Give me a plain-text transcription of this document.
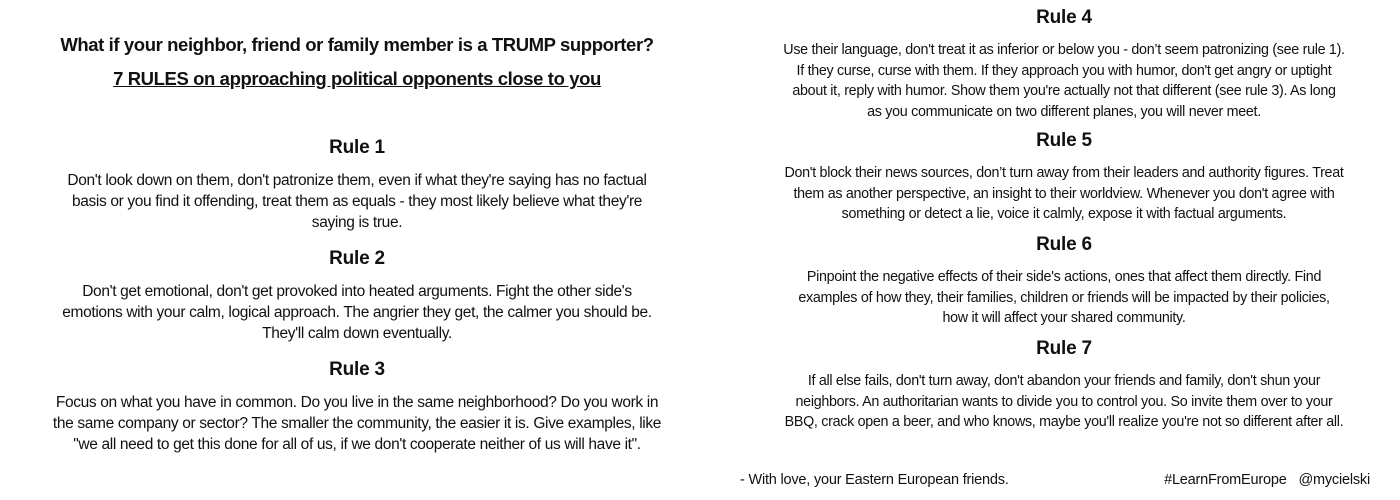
What if your neighbor, friend or family member is a TRUMP supporter?
7 RULES on approaching political opponents close to you
Rule 1

Don't look down on them, don't patronize them, even if what they're saying has no factual

basis or you find it offending, treat them as equals - they most likely believe what they're

saying is true.

Rule 2

Don't get emotional, don't get provoked into heated arguments. Fight the other side's

emotions with your calm, logical approach. The angrier they get, the calmer you should be.

They'll calm down eventually.

Rule 3

Focus on what you have in common. Do you live in the same neighborhood? Do you work in

the same company or sector? The smaller the community, the easier it is. Give examples, like

"we all need to get this done for all of us, if we don't cooperate neither of us will have it".

Rule 4

Use their language, don't treat it as inferior or below you - don’t seem patronizing (see rule 1).

If they curse, curse with them. If they approach you with humor, don't get angry or uptight

about it, reply with humor. Show them you're actually not that different (see rule 3). As long

as you communicate on two different planes, you will never meet.

Rule 5

Don't block their news sources, don’t turn away from their leaders and authority figures. Treat

them as another perspective, an insight to their worldview. Whenever you don't agree with

something or detect a lie, voice it calmly, expose it with factual arguments.

Rule 6

Pinpoint the negative effects of their side's actions, ones that affect them directly. Find

examples of how they, their families, children or friends will be impacted by their policies,

how it will affect your shared community.

Rule 7

If all else fails, don't turn away, don't abandon your friends and family, don't shun your

neighbors. An authoritarian wants to divide you to control you. So invite them over to your

BBQ, crack open a beer, and who knows, maybe you'll realize you're not so different after all.

- With love, your Eastern European friends.	#LearnFromEurope @mycielski
